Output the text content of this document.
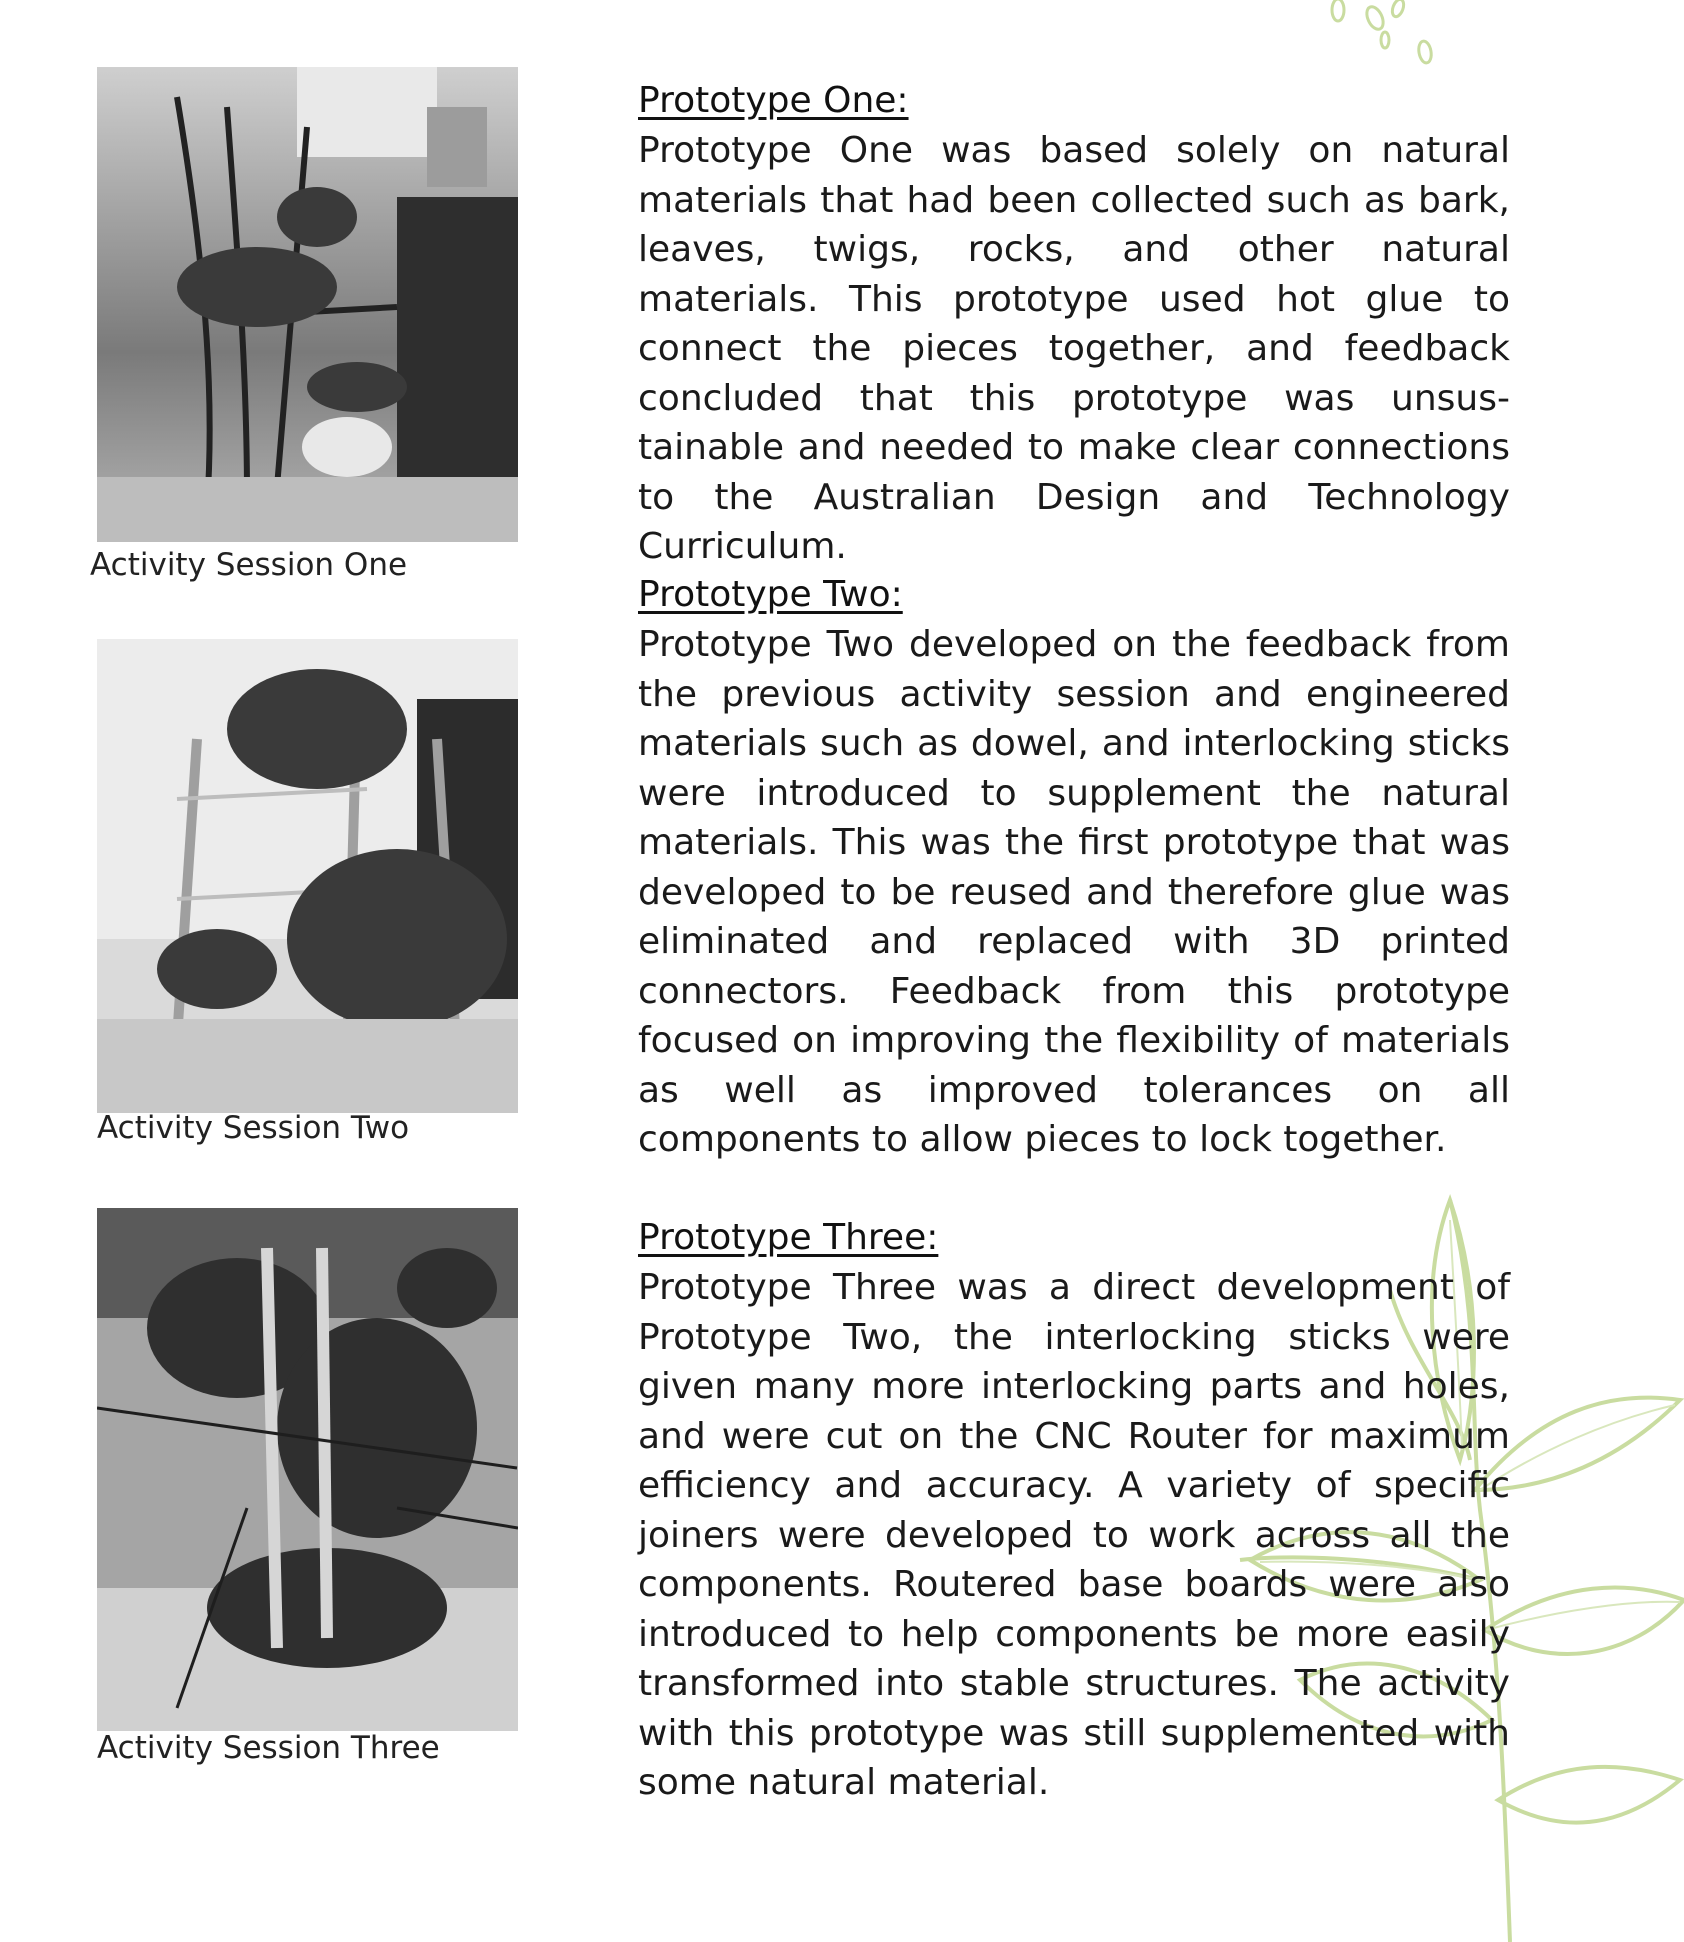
Activity Session One
Activity Session Two
Activity Session Three
Prototype One:

Prototype One was based solely on natural materials that had been collected such as bark, leaves, twigs, rocks, and other natural materials. This prototype used hot glue to connect the pieces together, and feedback concluded that this prototype was unsustainable and needed to make clear connections to the Australian Design and Technology Curriculum.

Prototype Two:

Prototype Two developed on the feedback from the previous activity session and engineered materials such as dowel, and interlocking sticks were introduced to supplement the natural materials. This was the first prototype that was developed to be reused and therefore glue was eliminated and replaced with 3D printed connectors. Feedback from this prototype focused on improving the flexibility of materials as well as improved tolerances on all components to allow pieces to lock together.

Prototype Three:

Prototype Three was a direct development of Prototype Two, the interlocking sticks were given many more interlocking parts and holes, and were cut on the CNC Router for maximum efficiency and accuracy. A variety of specific joiners were developed to work across all the components. Routered base boards were also introduced to help components be more easily transformed into stable structures. The activity with this prototype was still supplemented with some natural material.
